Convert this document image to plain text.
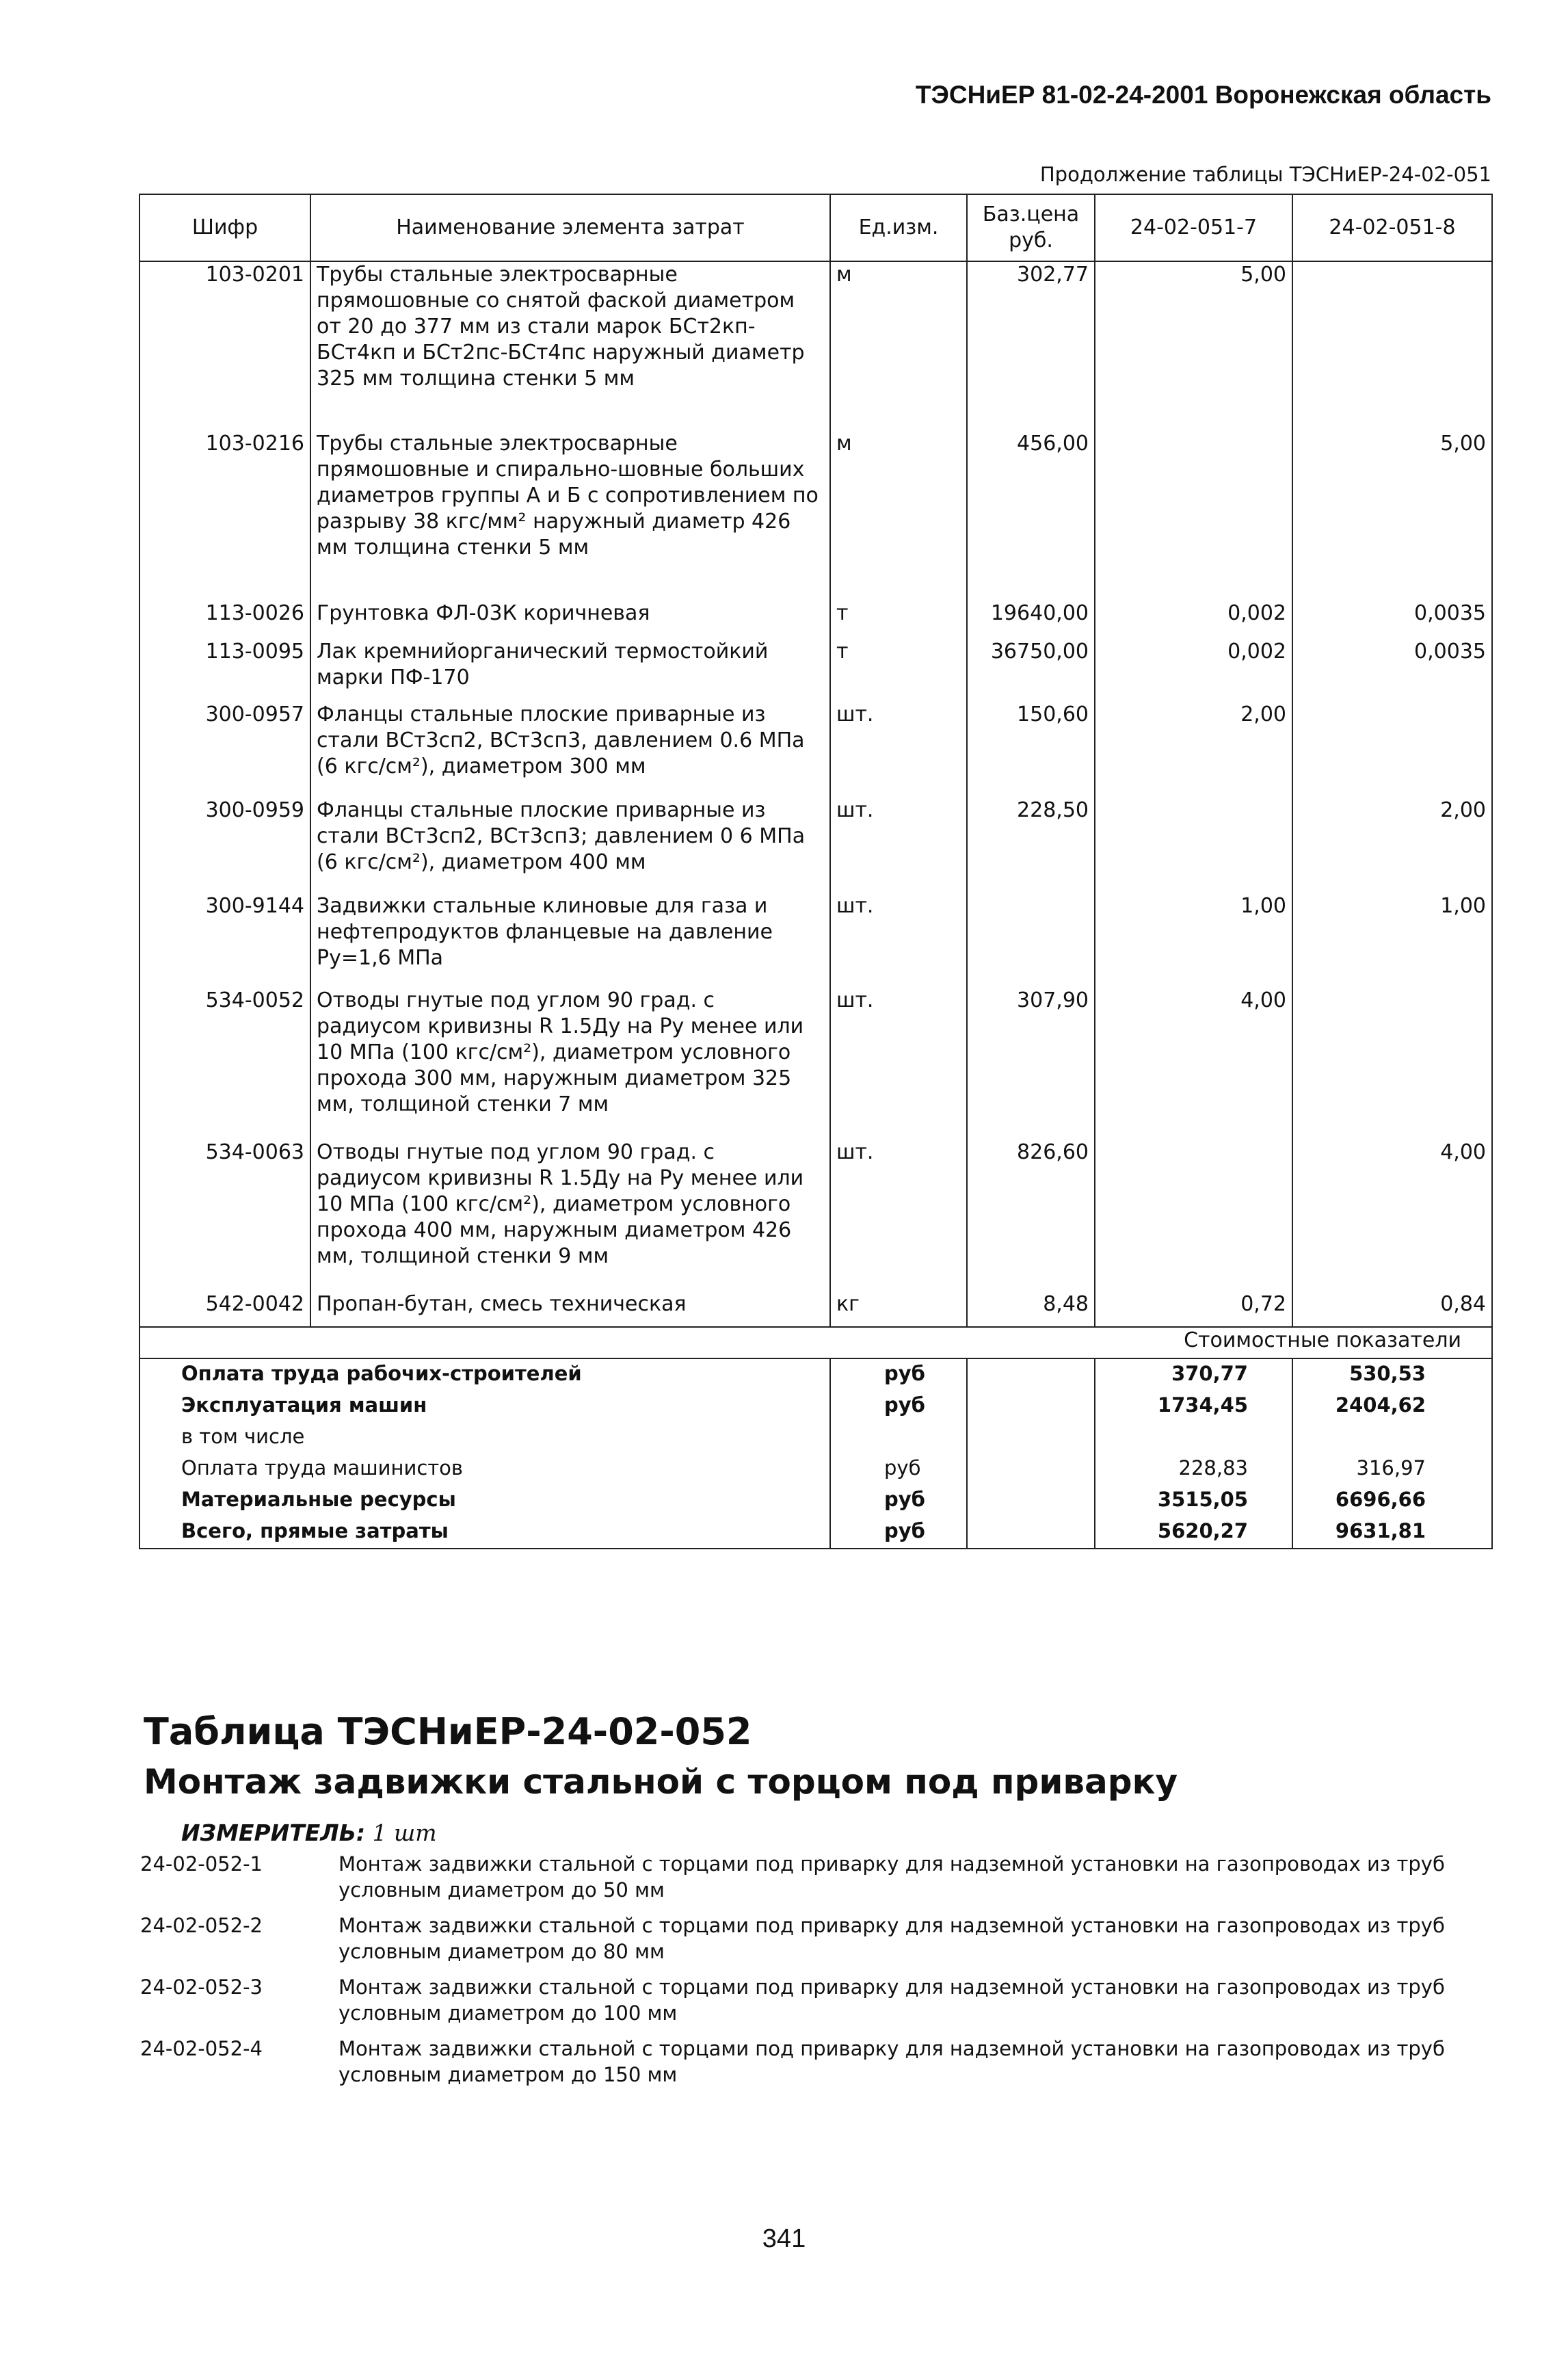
ТЭСНиЕР 81-02-24-2001 Воронежская область
Продолжение таблицы ТЭСНиЕР-24-02-051
Шифр	Наименование элемента затрат	Ед.изм.	Баз.цена руб.	24-02-051-7	24-02-051-8
103-0201	Трубы стальные электросварные прямошовные со снятой фаской диаметром от 20 до 377 мм из стали марок БСт2кп-БСт4кп и БСт2пс-БСт4пс наружный диаметр 325 мм толщина стенки 5 мм	м	302,77	5,00	
103-0216	Трубы стальные электросварные прямошовные и спирально-шовные больших диаметров группы А и Б с сопротивлением по разрыву 38 кгс/мм² наружный диаметр 426 мм толщина стенки 5 мм	м	456,00		5,00
113-0026	Грунтовка ФЛ-03К коричневая	т	19640,00	0,002	0,0035
113-0095	Лак кремнийорганический термостойкий марки ПФ-170	т	36750,00	0,002	0,0035
300-0957	Фланцы стальные плоские приварные из стали ВСт3сп2, ВСт3сп3, давлением 0.6 МПа (6 кгс/см²), диаметром 300 мм	шт.	150,60	2,00	
300-0959	Фланцы стальные плоские приварные из стали ВСт3сп2, ВСт3сп3; давлением 0 6 МПа (6 кгс/см²), диаметром 400 мм	шт.	228,50		2,00
300-9144	Задвижки стальные клиновые для газа и нефтепродуктов фланцевые на давление Ру=1,6 МПа	шт.		1,00	1,00
534-0052	Отводы гнутые под углом 90 град. с радиусом кривизны R 1.5Ду на Ру менее или 10 МПа (100 кгс/см²), диаметром условного прохода 300 мм, наружным диаметром 325 мм, толщиной стенки 7 мм	шт.	307,90	4,00	
534-0063	Отводы гнутые под углом 90 град. с радиусом кривизны R 1.5Ду на Ру менее или 10 МПа (100 кгс/см²), диаметром условного прохода 400 мм, наружным диаметром 426 мм, толщиной стенки 9 мм	шт.	826,60		4,00
542-0042	Пропан-бутан, смесь техническая	кг	8,48	0,72	0,84
Стоимостные показатели					
Оплата труда рабочих-строителей		руб		370,77	530,53
Эксплуатация машин		руб		1734,45	2404,62
в том числе					
Оплата труда машинистов		руб		228,83	316,97
Материальные ресурсы		руб		3515,05	6696,66
Всего, прямые затраты		руб		5620,27	9631,81
Таблица ТЭСНиЕР-24-02-052
Монтаж задвижки стальной с торцом под приварку
ИЗМЕРИТЕЛЬ: 1 шт
24-02-052-1	Монтаж задвижки стальной с торцами под приварку для надземной установки на газопроводах из труб условным диаметром до 50 мм
24-02-052-2	Монтаж задвижки стальной с торцами под приварку для надземной установки на газопроводах из труб условным диаметром до 80 мм
24-02-052-3	Монтаж задвижки стальной с торцами под приварку для надземной установки на газопроводах из труб условным диаметром до 100 мм
24-02-052-4	Монтаж задвижки стальной с торцами под приварку для надземной установки на газопроводах из труб условным диаметром до 150 мм
341
